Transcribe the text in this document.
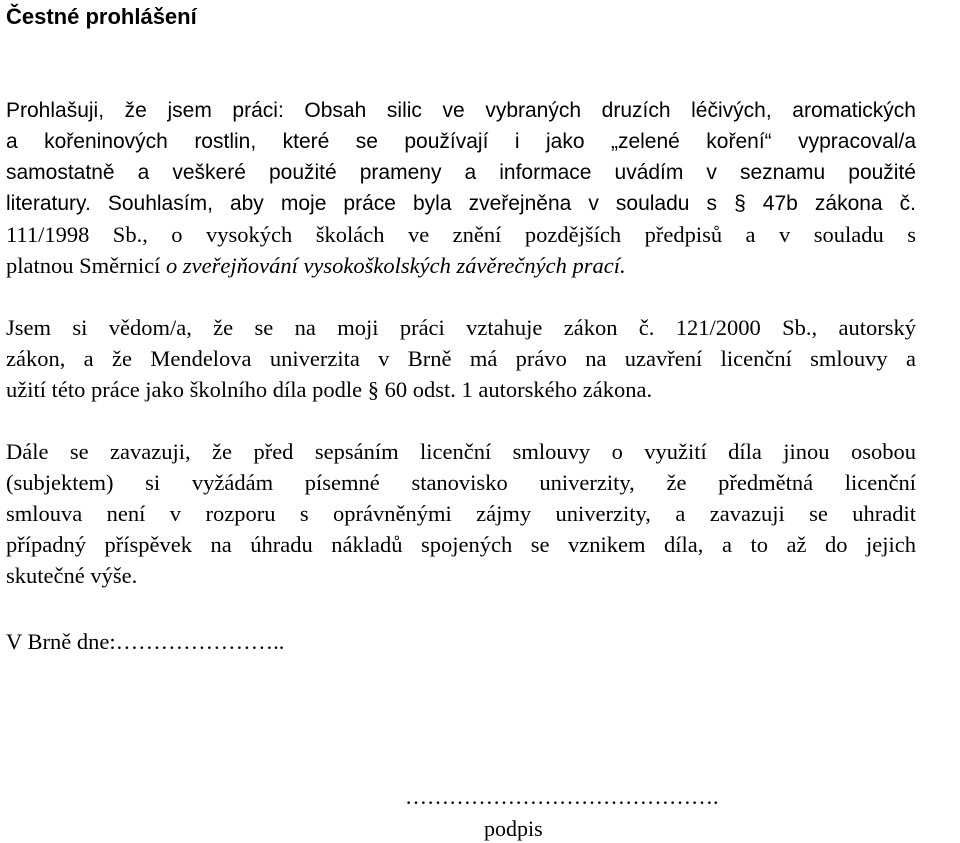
Čestné prohlášení

Prohlašuji, že jsem práci: Obsah silic ve vybraných druzích léčivých, aromatických
a kořeninových rostlin, které se používají i jako „zelené koření“ vypracoval/a
samostatně a veškeré použité prameny a informace uvádím v seznamu použité
literatury. Souhlasím, aby moje práce byla zveřejněna v souladu s § 47b zákona č.
111/1998 Sb., o vysokých školách ve znění pozdějších předpisů a v souladu s
platnou Směrnicí o zveřejňování vysokoškolských závěrečných prací.

Jsem si vědom/a, že se na moji práci vztahuje zákon č. 121/2000 Sb., autorský
zákon, a že Mendelova univerzita v Brně má právo na uzavření licenční smlouvy a
užití této práce jako školního díla podle § 60 odst. 1 autorského zákona.

Dále se zavazuji, že před sepsáním licenční smlouvy o využití díla jinou osobou
(subjektem) si vyžádám písemné stanovisko univerzity, že předmětná licenční
smlouva není v rozporu s oprávněnými zájmy univerzity, a zavazuji se uhradit
případný příspěvek na úhradu nákladů spojených se vznikem díla, a to až do jejich
skutečné výše.

V Brně dne:…………………..

…………………………………….

podpis
